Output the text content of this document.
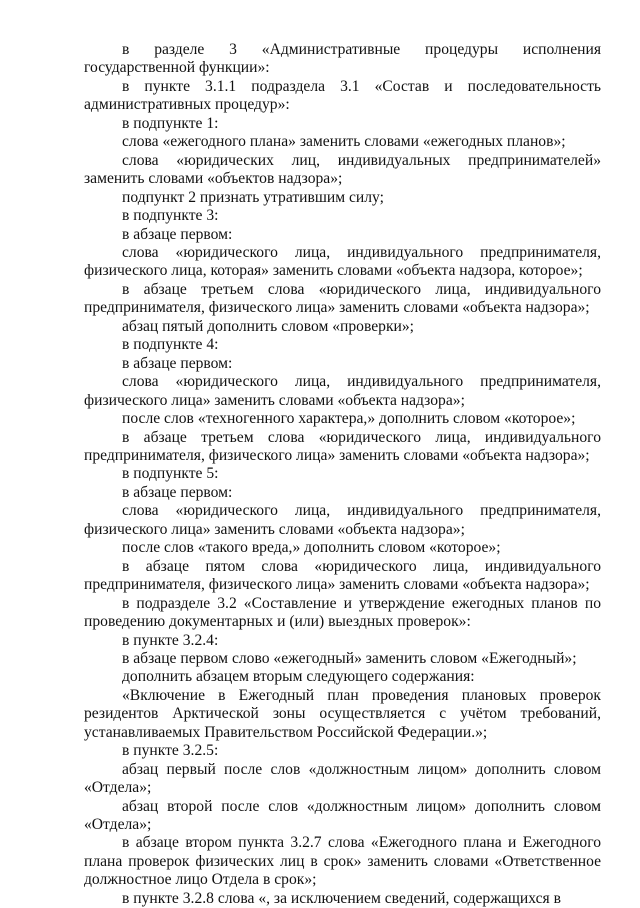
в разделе 3 «Административные процедуры исполнения государственной функции»:

в пункте 3.1.1 подраздела 3.1 «Состав и последовательность административных процедур»:

в подпункте 1:

слова «ежегодного плана» заменить словами «ежегодных планов»;

слова «юридических лиц, индивидуальных предпринимателей» заменить словами «объектов надзора»;

подпункт 2 признать утратившим силу;

в подпункте 3:

в абзаце первом:

слова «юридического лица, индивидуального предпринимателя, физического лица, которая» заменить словами «объекта надзора, которое»;

в абзаце третьем слова «юридического лица, индивидуального предпринимателя, физического лица» заменить словами «объекта надзора»;

абзац пятый дополнить словом «проверки»;

в подпункте 4:

в абзаце первом:

слова «юридического лица, индивидуального предпринимателя, физического лица» заменить словами «объекта надзора»;

после слов «техногенного характера,» дополнить словом «которое»;

в абзаце третьем слова «юридического лица, индивидуального предпринимателя, физического лица» заменить словами «объекта надзора»;

в подпункте 5:

в абзаце первом:

слова «юридического лица, индивидуального предпринимателя, физического лица» заменить словами «объекта надзора»;

после слов «такого вреда,» дополнить словом «которое»;

в абзаце пятом слова «юридического лица, индивидуального предпринимателя, физического лица» заменить словами «объекта надзора»;

в подразделе 3.2 «Составление и утверждение ежегодных планов по проведению документарных и (или) выездных проверок»:

в пункте 3.2.4:

в абзаце первом слово «ежегодный» заменить словом «Ежегодный»;

дополнить абзацем вторым следующего содержания:

«Включение в Ежегодный план проведения плановых проверок резидентов Арктической зоны осуществляется с учётом требований, устанавливаемых Правительством Российской Федерации.»;

в пункте 3.2.5:

абзац первый после слов «должностным лицом» дополнить словом «Отдела»;

абзац второй после слов «должностным лицом» дополнить словом «Отдела»;

в абзаце втором пункта 3.2.7 слова «Ежегодного плана и Ежегодного плана проверок физических лиц в срок» заменить словами «Ответственное должностное лицо Отдела в срок»;

в пункте 3.2.8 слова «, за исключением сведений, содержащихся в
